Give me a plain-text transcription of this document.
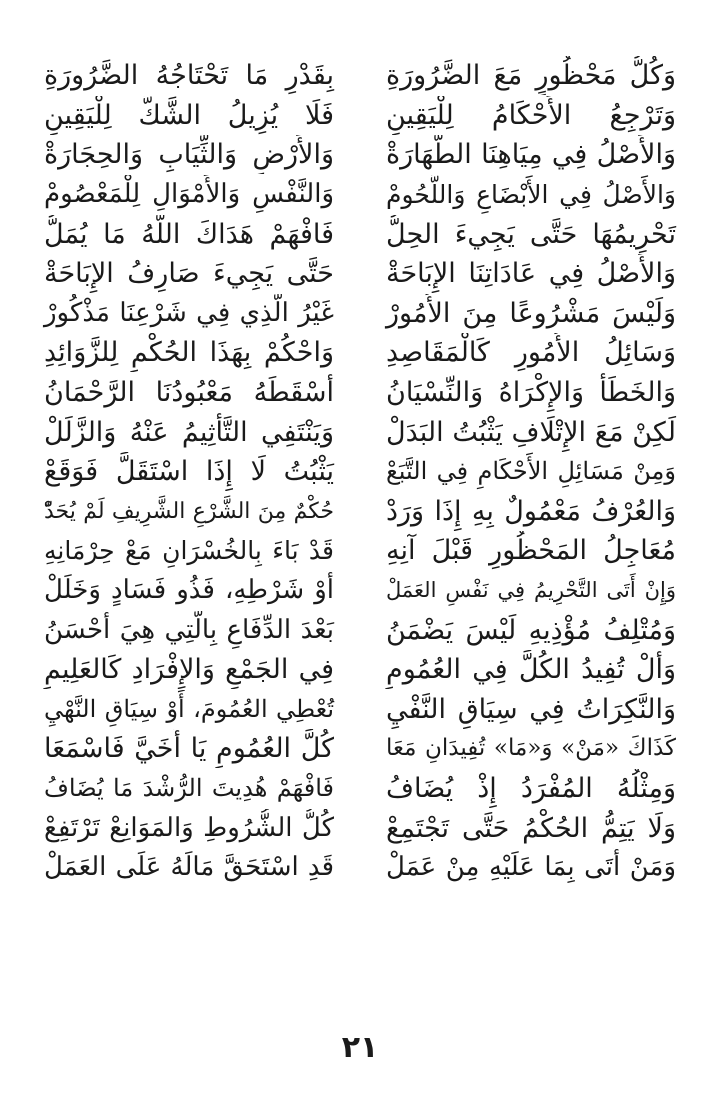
وَكُلُّ مَحْظُورٍ مَعَ الضَّرُورَةِ
بِقَدْرِ مَا تَحْتَاجُهُ الضَّرُورَةِ
وَتَرْجِعُ الأَحْكَامُ لِلْيَقِينِ
فَلَا يُزِيلُ الشَّكُّ لِلْيَقِينِ
وَالأَصْلُ فِي مِيَاهِنَا الطَّهَارَةْ
وَالأَرْضِ وَالثِّيَابِ وَالحِجَارَةْ
وَالأَصْلُ فِي الأَبْضَاعِ وَاللُّحُومْ
وَالنَّفْسِ وَالأَمْوَالِ لِلْمَعْصُومْ
تَحْرِيمُهَا حَتَّى يَجِيءَ الحِلُّ
فَافْهَمْ هَدَاكَ اللَّهُ مَا يُمَلُّ
وَالأَصْلُ فِي عَادَاتِنَا الإِبَاحَةْ
حَتَّى يَجِيءَ صَارِفُ الإِبَاحَةْ
وَلَيْسَ مَشْرُوعًا مِنَ الأُمُورْ
غَيْرُ الَّذِي فِي شَرْعِنَا مَذْكُورْ
وَسَائِلُ الأُمُورِ كَالْمَقَاصِدِ
وَاحْكُمْ بِهَذَا الحُكْمِ لِلزَّوَائِدِ
وَالخَطَأُ وَالإِكْرَاهُ وَالنِّسْيَانُ
أَسْقَطَهُ مَعْبُودُنَا الرَّحْمَانُ
لَكِنْ مَعَ الإِتْلَافِ يَثْبُتُ البَدَلْ
وَيَنْتَفِي التَّأْثِيمُ عَنْهُ وَالزَّلَلْ
وَمِنْ مَسَائِلِ الأَحْكَامِ فِي التَّبَعْ
يَثْبُتُ لَا إِذَا اسْتَقَلَّ فَوَقَعْ
وَالعُرْفُ مَعْمُولٌ بِهِ إِذَا وَرَدْ
حُكْمٌ مِنَ الشَّرْعِ الشَّرِيفِ لَمْ يُحَدّْ
مُعَاجِلُ المَحْظُورِ قَبْلَ آنِهِ
قَدْ بَاءَ بِالخُسْرَانِ مَعْ حِرْمَانِهِ
وَإِنْ أَتَى التَّحْرِيمُ فِي نَفْسِ العَمَلْ
أَوْ شَرْطِهِ، فَذُو فَسَادٍ وَخَلَلْ
وَمُتْلِفُ مُؤْذِيهِ لَيْسَ يَضْمَنُ
بَعْدَ الدِّفَاعِ بِالَّتِي هِيَ أَحْسَنُ
وَأَلْ تُفِيدُ الكُلَّ فِي العُمُومِ
فِي الجَمْعِ وَالإِفْرَادِ كَالعَلِيمِ
وَالنَّكِرَاتُ فِي سِيَاقِ النَّفْيِ
تُعْطِي العُمُومَ، أَوْ سِيَاقِ النَّهْيِ
كَذَاكَ «مَنْ» وَ«مَا» تُفِيدَانِ مَعَا
كُلَّ العُمُومِ يَا أُخَيَّ فَاسْمَعَا
وَمِثْلُهُ المُفْرَدُ إِذْ يُضَافُ
فَافْهَمْ هُدِيتَ الرُّشْدَ مَا يُضَافُ
وَلَا يَتِمُّ الحُكْمُ حَتَّى تَجْتَمِعْ
كُلُّ الشُّرُوطِ وَالمَوَانِعْ تَرْتَفِعْ
وَمَنْ أَتَى بِمَا عَلَيْهِ مِنْ عَمَلْ
قَدِ اسْتَحَقَّ مَالَهُ عَلَى العَمَلْ
٢١
